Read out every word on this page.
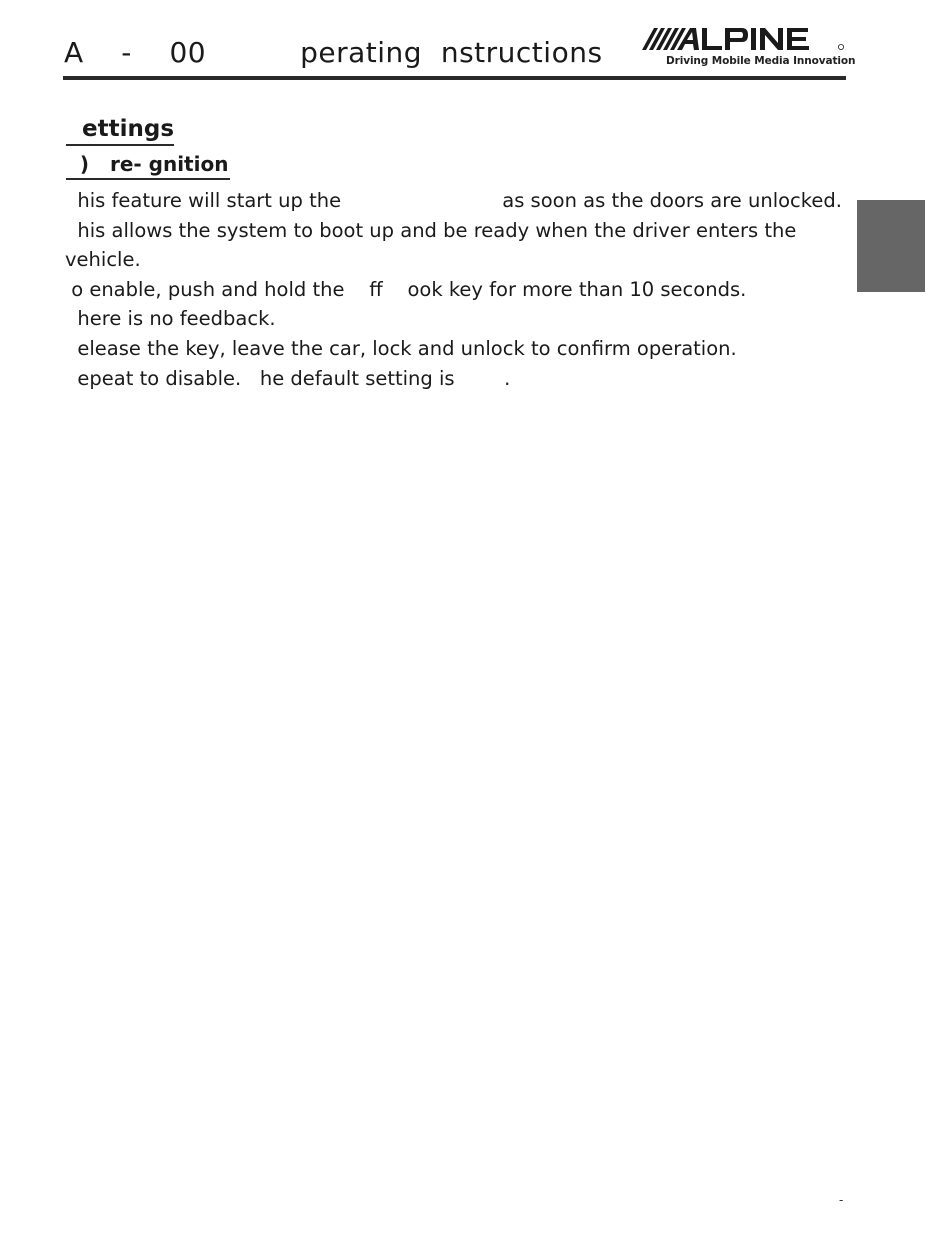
A    -    00          perating  nstructions	Driving Mobile Media Innovation
ettings
)   re- gnition
his feature will start up the                          as soon as the doors are unlocked.
his allows the system to boot up and be ready when the driver enters the
vehicle.
o enable, push and hold the    ff    ook key for more than 10 seconds.
here is no feedback.
elease the key, leave the car, lock and unlock to confirm operation.
epeat to disable.   he default setting is        .
-
